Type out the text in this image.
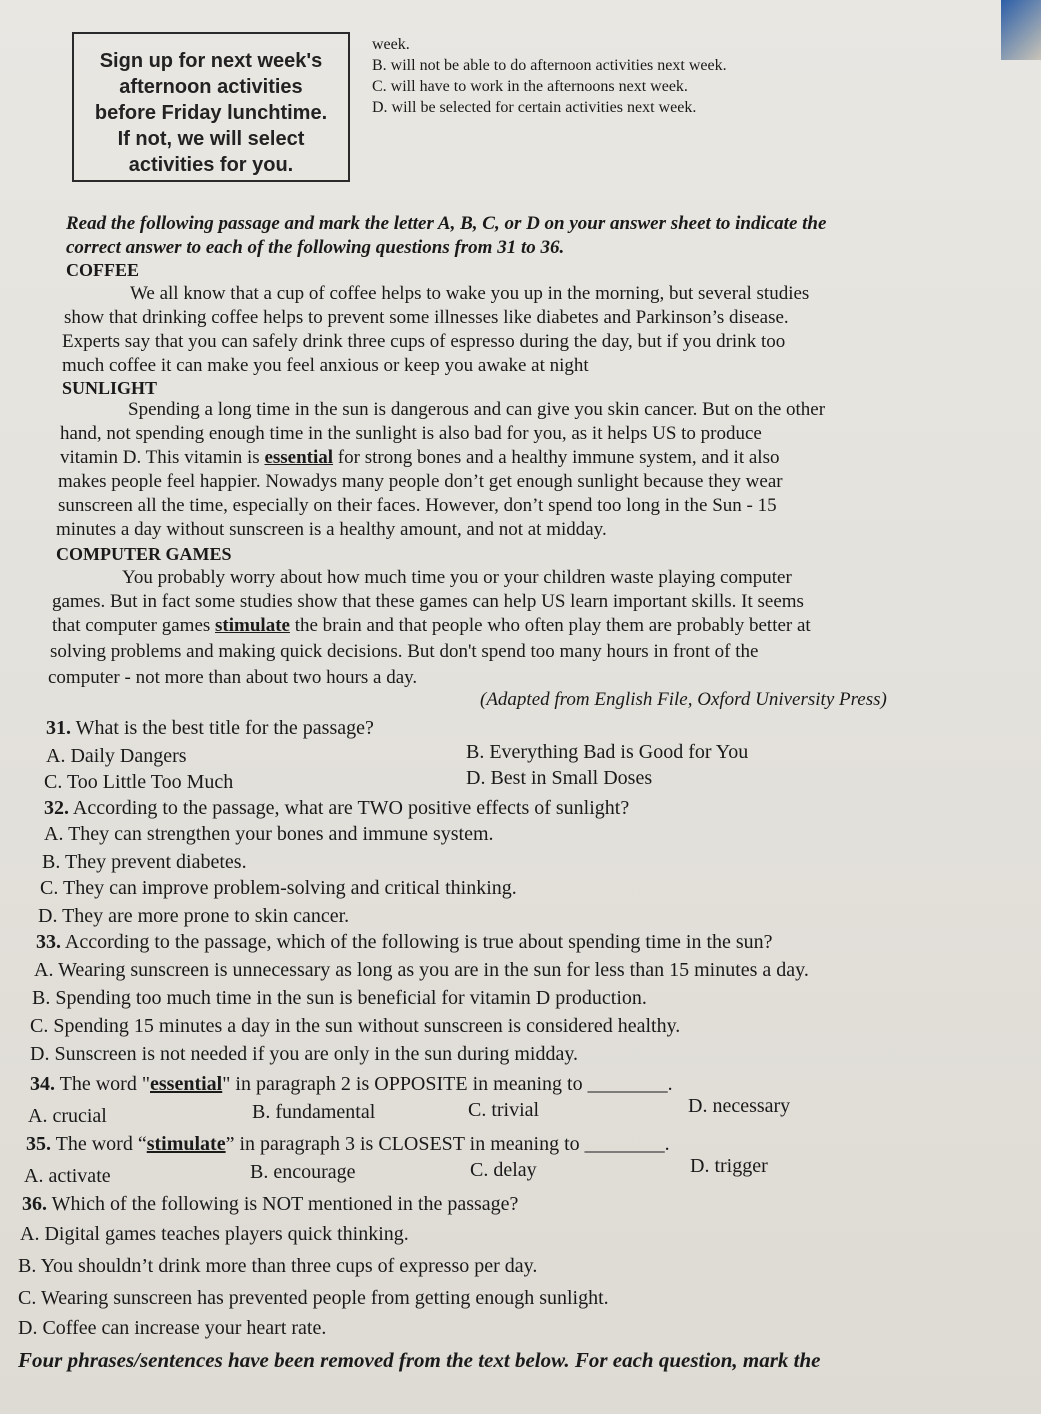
Sign up for next week's
afternoon activities
before Friday lunchtime.
If not, we will select
activities for you.
week.
B. will not be able to do afternoon activities next week.
C. will have to work in the afternoons next week.
D. will be selected for certain activities next week.
Read the following passage and mark the letter A, B, C, or D on your answer sheet to indicate the
correct answer to each of the following questions from 31 to 36.
COFFEE
We all know that a cup of coffee helps to wake you up in the morning, but several studies
show that drinking coffee helps to prevent some illnesses like diabetes and Parkinson’s disease.
Experts say that you can safely drink three cups of espresso during the day, but if you drink too
much coffee it can make you feel anxious or keep you awake at night
SUNLIGHT
Spending a long time in the sun is dangerous and can give you skin cancer. But on the other
hand, not spending enough time in the sunlight is also bad for you, as it helps US to produce
vitamin D. This vitamin is essential for strong bones and a healthy immune system, and it also
makes people feel happier. Nowadys many people don’t get enough sunlight because they wear
sunscreen all the time, especially on their faces. However, don’t spend too long in the Sun - 15
minutes a day without sunscreen is a healthy amount, and not at midday.
COMPUTER GAMES
You probably worry about how much time you or your children waste playing computer
games. But in fact some studies show that these games can help US learn important skills. It seems
that computer games stimulate the brain and that people who often play them are probably better at
solving problems and making quick decisions. But don't spend too many hours in front of the
computer - not more than about two hours a day.
(Adapted from English File, Oxford University Press)
31. What is the best title for the passage?
A. Daily Dangers	B. Everything Bad is Good for You
C. Too Little Too Much	D. Best in Small Doses
32. According to the passage, what are TWO positive effects of sunlight?
A. They can strengthen your bones and immune system.
B. They prevent diabetes.
C. They can improve problem-solving and critical thinking.
D. They are more prone to skin cancer.
33. According to the passage, which of the following is true about spending time in the sun?
A. Wearing sunscreen is unnecessary as long as you are in the sun for less than 15 minutes a day.
B. Spending too much time in the sun is beneficial for vitamin D production.
C. Spending 15 minutes a day in the sun without sunscreen is considered healthy.
D. Sunscreen is not needed if you are only in the sun during midday.
34. The word "essential" in paragraph 2 is OPPOSITE in meaning to ________.
A. crucial	B. fundamental	C. trivial	D. necessary
35. The word “stimulate” in paragraph 3 is CLOSEST in meaning to ________.
A. activate	B. encourage	C. delay	D. trigger
36. Which of the following is NOT mentioned in the passage?
A. Digital games teaches players quick thinking.
B. You shouldn’t drink more than three cups of expresso per day.
C. Wearing sunscreen has prevented people from getting enough sunlight.
D. Coffee can increase your heart rate.
Four phrases/sentences have been removed from the text below. For each question, mark the
